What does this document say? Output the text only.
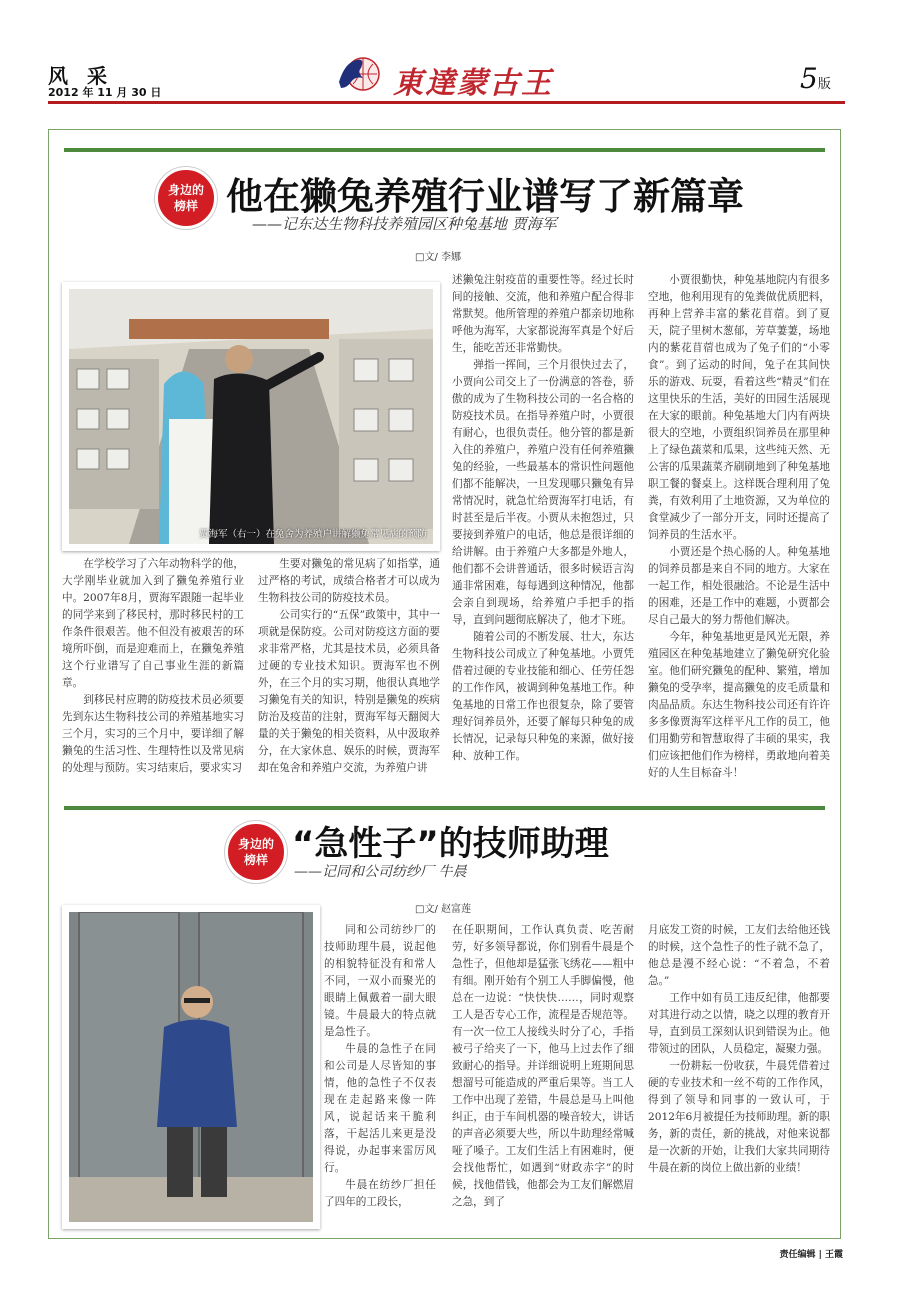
风 采
2012 年 11 月 30 日	東達蒙古王	5版
身边的
榜样 他在獭兔养殖行业谱写了新篇章
——记东达生物科技养殖园区种兔基地 贾海军
□文/ 李娜
贾海军（右一）在兔舍为养殖户讲解獭兔常见病的预防

在学校学习了六年动物科学的他，大学刚毕业就加入到了獭兔养殖行业中。2007年8月，贾海军跟随一起毕业的同学来到了移民村，那时移民村的工作条件很艰苦。他不但没有被艰苦的环境所吓倒，而是迎难而上，在獭兔养殖这个行业谱写了自己事业生涯的新篇章。

到移民村应聘的防疫技术员必须要先到东达生物科技公司的养殖基地实习三个月，实习的三个月中，要详细了解獭兔的生活习性、生理特性以及常见病的处理与预防。实习结束后，要求实习

生要对獭兔的常见病了如指掌，通过严格的考试，成绩合格者才可以成为生物科技公司的防疫技术员。

公司实行的“五保”政策中，其中一项就是保防疫。公司对防疫这方面的要求非常严格，尤其是技术员，必须具备过硬的专业技术知识。贾海军也不例外，在三个月的实习期，他很认真地学习獭兔有关的知识，特别是獭兔的疾病防治及疫苗的注射，贾海军每天翻阅大量的关于獭兔的相关资料，从中汲取养分，在大家休息、娱乐的时候，贾海军却在兔舍和养殖户交流，为养殖户讲

述獭兔注射疫苗的重要性等。经过长时间的接触、交流，他和养殖户配合得非常默契。他所管理的养殖户都亲切地称呼他为海军，大家都说海军真是个好后生，能吃苦还非常勤快。

弹指一挥间，三个月很快过去了，小贾向公司交上了一份满意的答卷，骄傲的成为了生物科技公司的一名合格的防疫技术员。在指导养殖户时，小贾很有耐心，也很负责任。他分管的都是新入住的养殖户，养殖户没有任何养殖獭兔的经验，一些最基本的常识性问题他们都不能解决，一旦发现哪只獭兔有异常情况时，就急忙给贾海军打电话，有时甚至是后半夜。小贾从未抱怨过，只要接到养殖户的电话，他总是很详细的给讲解。由于养殖户大多都是外地人，他们都不会讲普通话，很多时候语言沟通非常困难，每每遇到这种情况，他都会亲自到现场，给养殖户手把手的指导，直到问题彻底解决了，他才下班。

随着公司的不断发展、壮大，东达生物科技公司成立了种兔基地。小贾凭借着过硬的专业技能和细心、任劳任怨的工作作风，被调到种兔基地工作。种兔基地的日常工作也很复杂，除了要管理好饲养员外，还要了解每只种兔的成长情况，记录每只种兔的来源，做好接种、放种工作。

小贾很勤快，种兔基地院内有很多空地，他利用现有的兔粪做优质肥料，再种上营养丰富的紫花苜蓿。到了夏天，院子里树木葱郁，芳草萋萋，场地内的紫花苜蓿也成为了兔子们的“小零食”。到了运动的时间，兔子在其间快乐的游戏、玩耍，看着这些“精灵”们在这里快乐的生活，美好的田园生活展现在大家的眼前。种兔基地大门内有两块很大的空地，小贾组织饲养员在那里种上了绿色蔬菜和瓜果，这些纯天然、无公害的瓜果蔬菜齐刷刷地到了种兔基地职工餐的餐桌上。这样既合理利用了兔粪，有效利用了土地资源，又为单位的食堂减少了一部分开支，同时还提高了饲养员的生活水平。

小贾还是个热心肠的人。种兔基地的饲养员都是来自不同的地方。大家在一起工作，相处很融洽。不论是生活中的困难，还是工作中的难题，小贾都会尽自己最大的努力帮他们解决。

今年，种兔基地更是风光无限，养殖园区在种兔基地建立了獭兔研究化验室。他们研究獭兔的配种、繁殖，增加獭兔的受孕率，提高獭兔的皮毛质量和肉品品质。东达生物科技公司还有许许多多像贾海军这样平凡工作的员工，他们用勤劳和智慧取得了丰硕的果实，我们应该把他们作为榜样，勇敢地向着美好的人生目标奋斗！

身边的
榜样 “急性子”的技师助理
——记同和公司纺纱厂 牛晨
□文/ 赵富莲

同和公司纺纱厂的技师助理牛晨，说起他的相貌特征没有和常人不同，一双小而聚光的眼睛上佩戴着一副大眼镜。牛晨最大的特点就是急性子。

牛晨的急性子在同和公司是人尽皆知的事情，他的急性子不仅表现在走起路来像一阵风，说起话来干脆利落，干起活儿来更是没得说，办起事来雷厉风行。

牛晨在纺纱厂担任了四年的工段长，

在任职期间，工作认真负责、吃苦耐劳，好多领导都说，你们别看牛晨是个急性子，但他却是猛张飞绣花——粗中有细。刚开始有个别工人手脚偏慢，他总在一边说：“快快快……，同时观察工人是否专心工作，流程是否规范等。有一次一位工人接线头时分了心，手指被弓子给夹了一下，他马上过去作了细致耐心的指导。并详细说明上班期间思想溜号可能造成的严重后果等。当工人工作中出现了差错，牛晨总是马上叫他纠正，由于车间机器的噪音较大，讲话的声音必须要大些，所以牛助理经常喊哑了嗓子。工友们生活上有困难时，便会找他帮忙，如遇到“财政赤字”的时候，找他借钱，他都会为工友们解燃眉之急，到了

月底发工资的时候，工友们去给他还钱的时候，这个急性子的性子就不急了，他总是漫不经心说：“不着急，不着急。”

工作中如有员工违反纪律，他都要对其进行动之以情，晓之以理的教育开导，直到员工深刻认识到错误为止。他带领过的团队，人员稳定，凝聚力强。

一份耕耘一份收获，牛晨凭借着过硬的专业技术和一丝不苟的工作作风，得到了领导和同事的一致认可，于2012年6月被提任为技师助理。新的职务，新的责任，新的挑战，对他来说都是一次新的开始，让我们大家共同期待牛晨在新的岗位上做出新的业绩！

责任编辑 | 王霞
